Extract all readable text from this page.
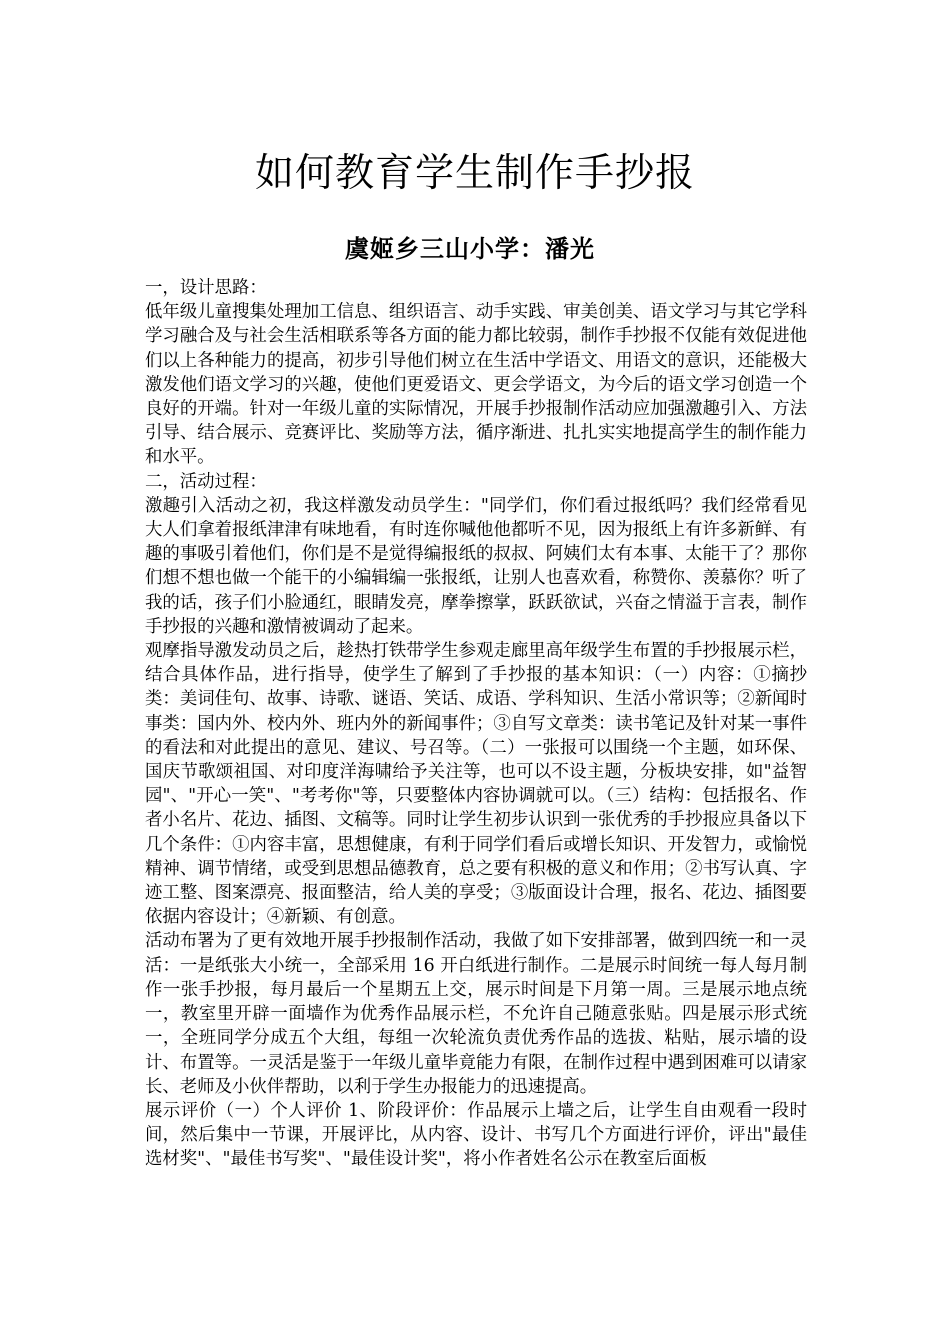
如何教育学生制作手抄报
虞姬乡三山小学：潘光

一，设计思路：

低年级儿童搜集处理加工信息、组织语言、动手实践、审美创美、语文学习与其它学科学习融合及与社会生活相联系等各方面的能力都比较弱，制作手抄报不仅能有效促进他们以上各种能力的提高，初步引导他们树立在生活中学语文、用语文的意识，还能极大激发他们语文学习的兴趣，使他们更爱语文、更会学语文，为今后的语文学习创造一个良好的开端。针对一年级儿童的实际情况，开展手抄报制作活动应加强激趣引入、方法引导、结合展示、竞赛评比、奖励等方法，循序渐进、扎扎实实地提高学生的制作能力和水平。

二，活动过程：

激趣引入活动之初，我这样激发动员学生："同学们，你们看过报纸吗？我们经常看见大人们拿着报纸津津有味地看，有时连你喊他他都听不见，因为报纸上有许多新鲜、有趣的事吸引着他们，你们是不是觉得编报纸的叔叔、阿姨们太有本事、太能干了？那你们想不想也做一个能干的小编辑编一张报纸，让别人也喜欢看，称赞你、羡慕你？听了我的话，孩子们小脸通红，眼睛发亮，摩拳擦掌，跃跃欲试，兴奋之情溢于言表，制作手抄报的兴趣和激情被调动了起来。

观摩指导激发动员之后，趁热打铁带学生参观走廊里高年级学生布置的手抄报展示栏，结合具体作品，进行指导，使学生了解到了手抄报的基本知识：（一）内容：①摘抄类：美词佳句、故事、诗歌、谜语、笑话、成语、学科知识、生活小常识等；②新闻时事类：国内外、校内外、班内外的新闻事件；③自写文章类：读书笔记及针对某一事件的看法和对此提出的意见、建议、号召等。（二）一张报可以围绕一个主题，如环保、国庆节歌颂祖国、对印度洋海啸给予关注等，也可以不设主题，分板块安排，如"益智园"、"开心一笑"、"考考你"等，只要整体内容协调就可以。（三）结构：包括报名、作者小名片、花边、插图、文稿等。同时让学生初步认识到一张优秀的手抄报应具备以下几个条件：①内容丰富，思想健康，有利于同学们看后或增长知识、开发智力，或愉悦精神、调节情绪，或受到思想品德教育，总之要有积极的意义和作用；②书写认真、字迹工整、图案漂亮、报面整洁，给人美的享受；③版面设计合理，报名、花边、插图要依据内容设计；④新颖、有创意。

活动布署为了更有效地开展手抄报制作活动，我做了如下安排部署，做到四统一和一灵活：一是纸张大小统一，全部采用 16 开白纸进行制作。二是展示时间统一每人每月制作一张手抄报，每月最后一个星期五上交，展示时间是下月第一周。三是展示地点统一，教室里开辟一面墙作为优秀作品展示栏，不允许自己随意张贴。四是展示形式统一，全班同学分成五个大组，每组一次轮流负责优秀作品的选拔、粘贴，展示墙的设计、布置等。一灵活是鉴于一年级儿童毕竟能力有限，在制作过程中遇到困难可以请家长、老师及小伙伴帮助，以利于学生办报能力的迅速提高。

展示评价（一）个人评价 1、阶段评价：作品展示上墙之后，让学生自由观看一段时间，然后集中一节课，开展评比，从内容、设计、书写几个方面进行评价，评出"最佳选材奖"、"最佳书写奖"、"最佳设计奖"，将小作者姓名公示在教室后面板
